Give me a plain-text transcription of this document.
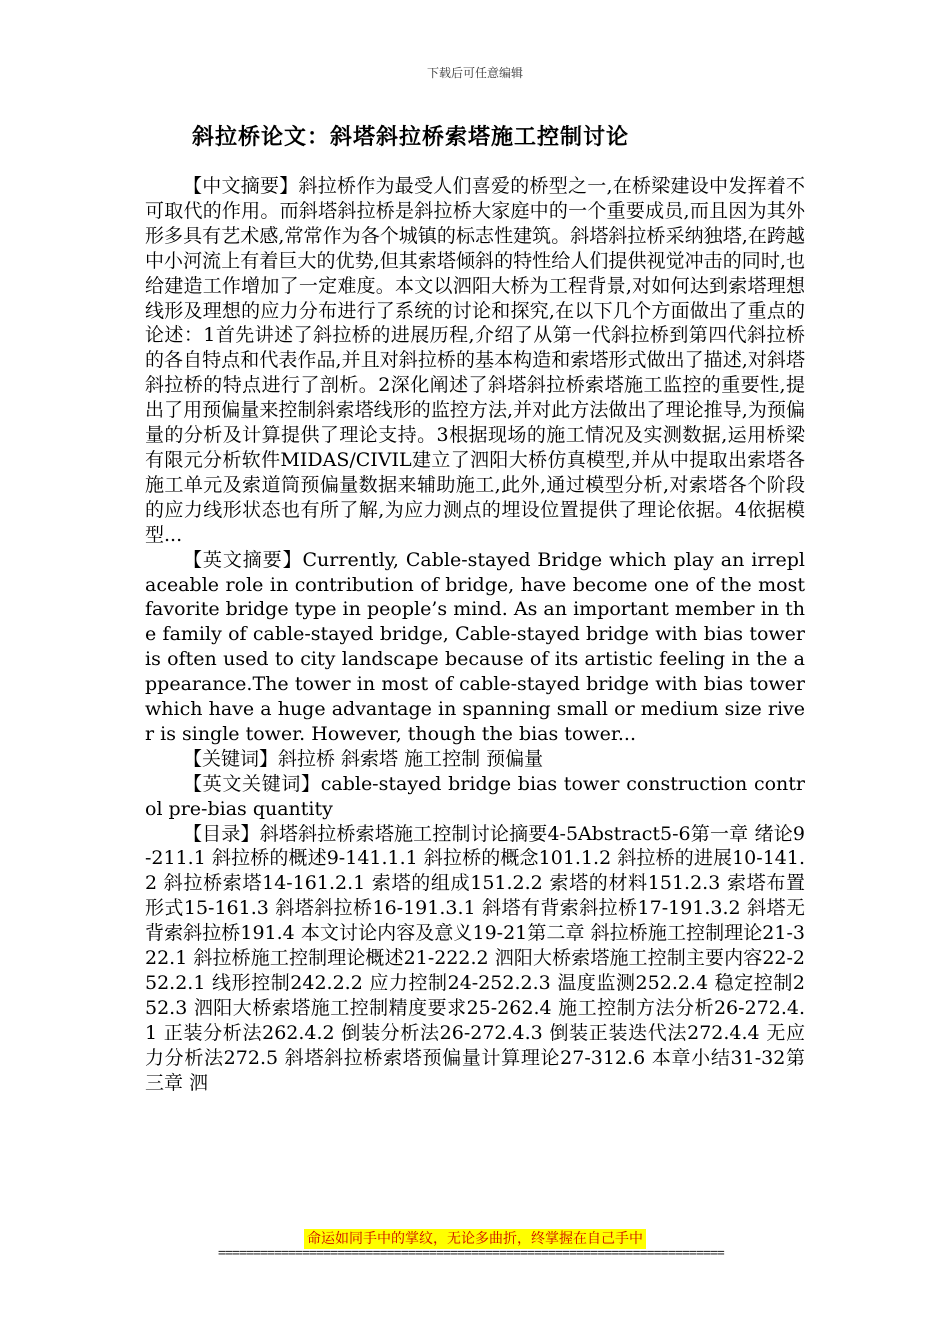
下载后可任意编辑
斜拉桥论文：斜塔斜拉桥索塔施工控制讨论

【中文摘要】斜拉桥作为最受人们喜爱的桥型之一,在桥梁建设中发挥着不可取代的作用。而斜塔斜拉桥是斜拉桥大家庭中的一个重要成员,而且因为其外形多具有艺术感,常常作为各个城镇的标志性建筑。斜塔斜拉桥采纳独塔,在跨越中小河流上有着巨大的优势,但其索塔倾斜的特性给人们提供视觉冲击的同时,也给建造工作增加了一定难度。本文以泗阳大桥为工程背景,对如何达到索塔理想线形及理想的应力分布进行了系统的讨论和探究,在以下几个方面做出了重点的论述：1首先讲述了斜拉桥的进展历程,介绍了从第一代斜拉桥到第四代斜拉桥的各自特点和代表作品,并且对斜拉桥的基本构造和索塔形式做出了描述,对斜塔斜拉桥的特点进行了剖析。2深化阐述了斜塔斜拉桥索塔施工监控的重要性,提出了用预偏量来控制斜索塔线形的监控方法,并对此方法做出了理论推导,为预偏量的分析及计算提供了理论支持。3根据现场的施工情况及实测数据,运用桥梁有限元分析软件MIDAS/CIVIL建立了泗阳大桥仿真模型,并从中提取出索塔各施工单元及索道筒预偏量数据来辅助施工,此外,通过模型分析,对索塔各个阶段的应力线形状态也有所了解,为应力测点的埋设位置提供了理论依据。4依据模型...

【英文摘要】Currently, Cable-stayed Bridge which play an irreplaceable role in contribution of bridge, have become one of the most favorite bridge type in people’s mind. As an important member in the family of cable-stayed bridge, Cable-stayed bridge with bias tower is often used to city landscape because of its artistic feeling in the appearance.The tower in most of cable-stayed bridge with bias tower which have a huge advantage in spanning small or medium size river is single tower. However, though the bias tower...

【关键词】斜拉桥 斜索塔 施工控制 预偏量

【英文关键词】cable-stayed bridge bias tower construction control pre-bias quantity

【目录】斜塔斜拉桥索塔施工控制讨论摘要4-5Abstract5-6第一章 绪论9-211.1 斜拉桥的概述9-141.1.1 斜拉桥的概念101.1.2 斜拉桥的进展10-141.2 斜拉桥索塔14-161.2.1 索塔的组成151.2.2 索塔的材料151.2.3 索塔布置形式15-161.3 斜塔斜拉桥16-191.3.1 斜塔有背索斜拉桥17-191.3.2 斜塔无背索斜拉桥191.4 本文讨论内容及意义19-21第二章 斜拉桥施工控制理论21-322.1 斜拉桥施工控制理论概述21-222.2 泗阳大桥索塔施工控制主要内容22-252.2.1 线形控制242.2.2 应力控制24-252.2.3 温度监测252.2.4 稳定控制252.3 泗阳大桥索塔施工控制精度要求25-262.4 施工控制方法分析26-272.4.1 正装分析法262.4.2 倒装分析法26-272.4.3 倒装正装迭代法272.4.4 无应力分析法272.5 斜塔斜拉桥索塔预偏量计算理论27-312.6 本章小结31-32第三章 泗

命运如同手中的掌纹，无论多曲折，终掌握在自己手中
========================================================================
